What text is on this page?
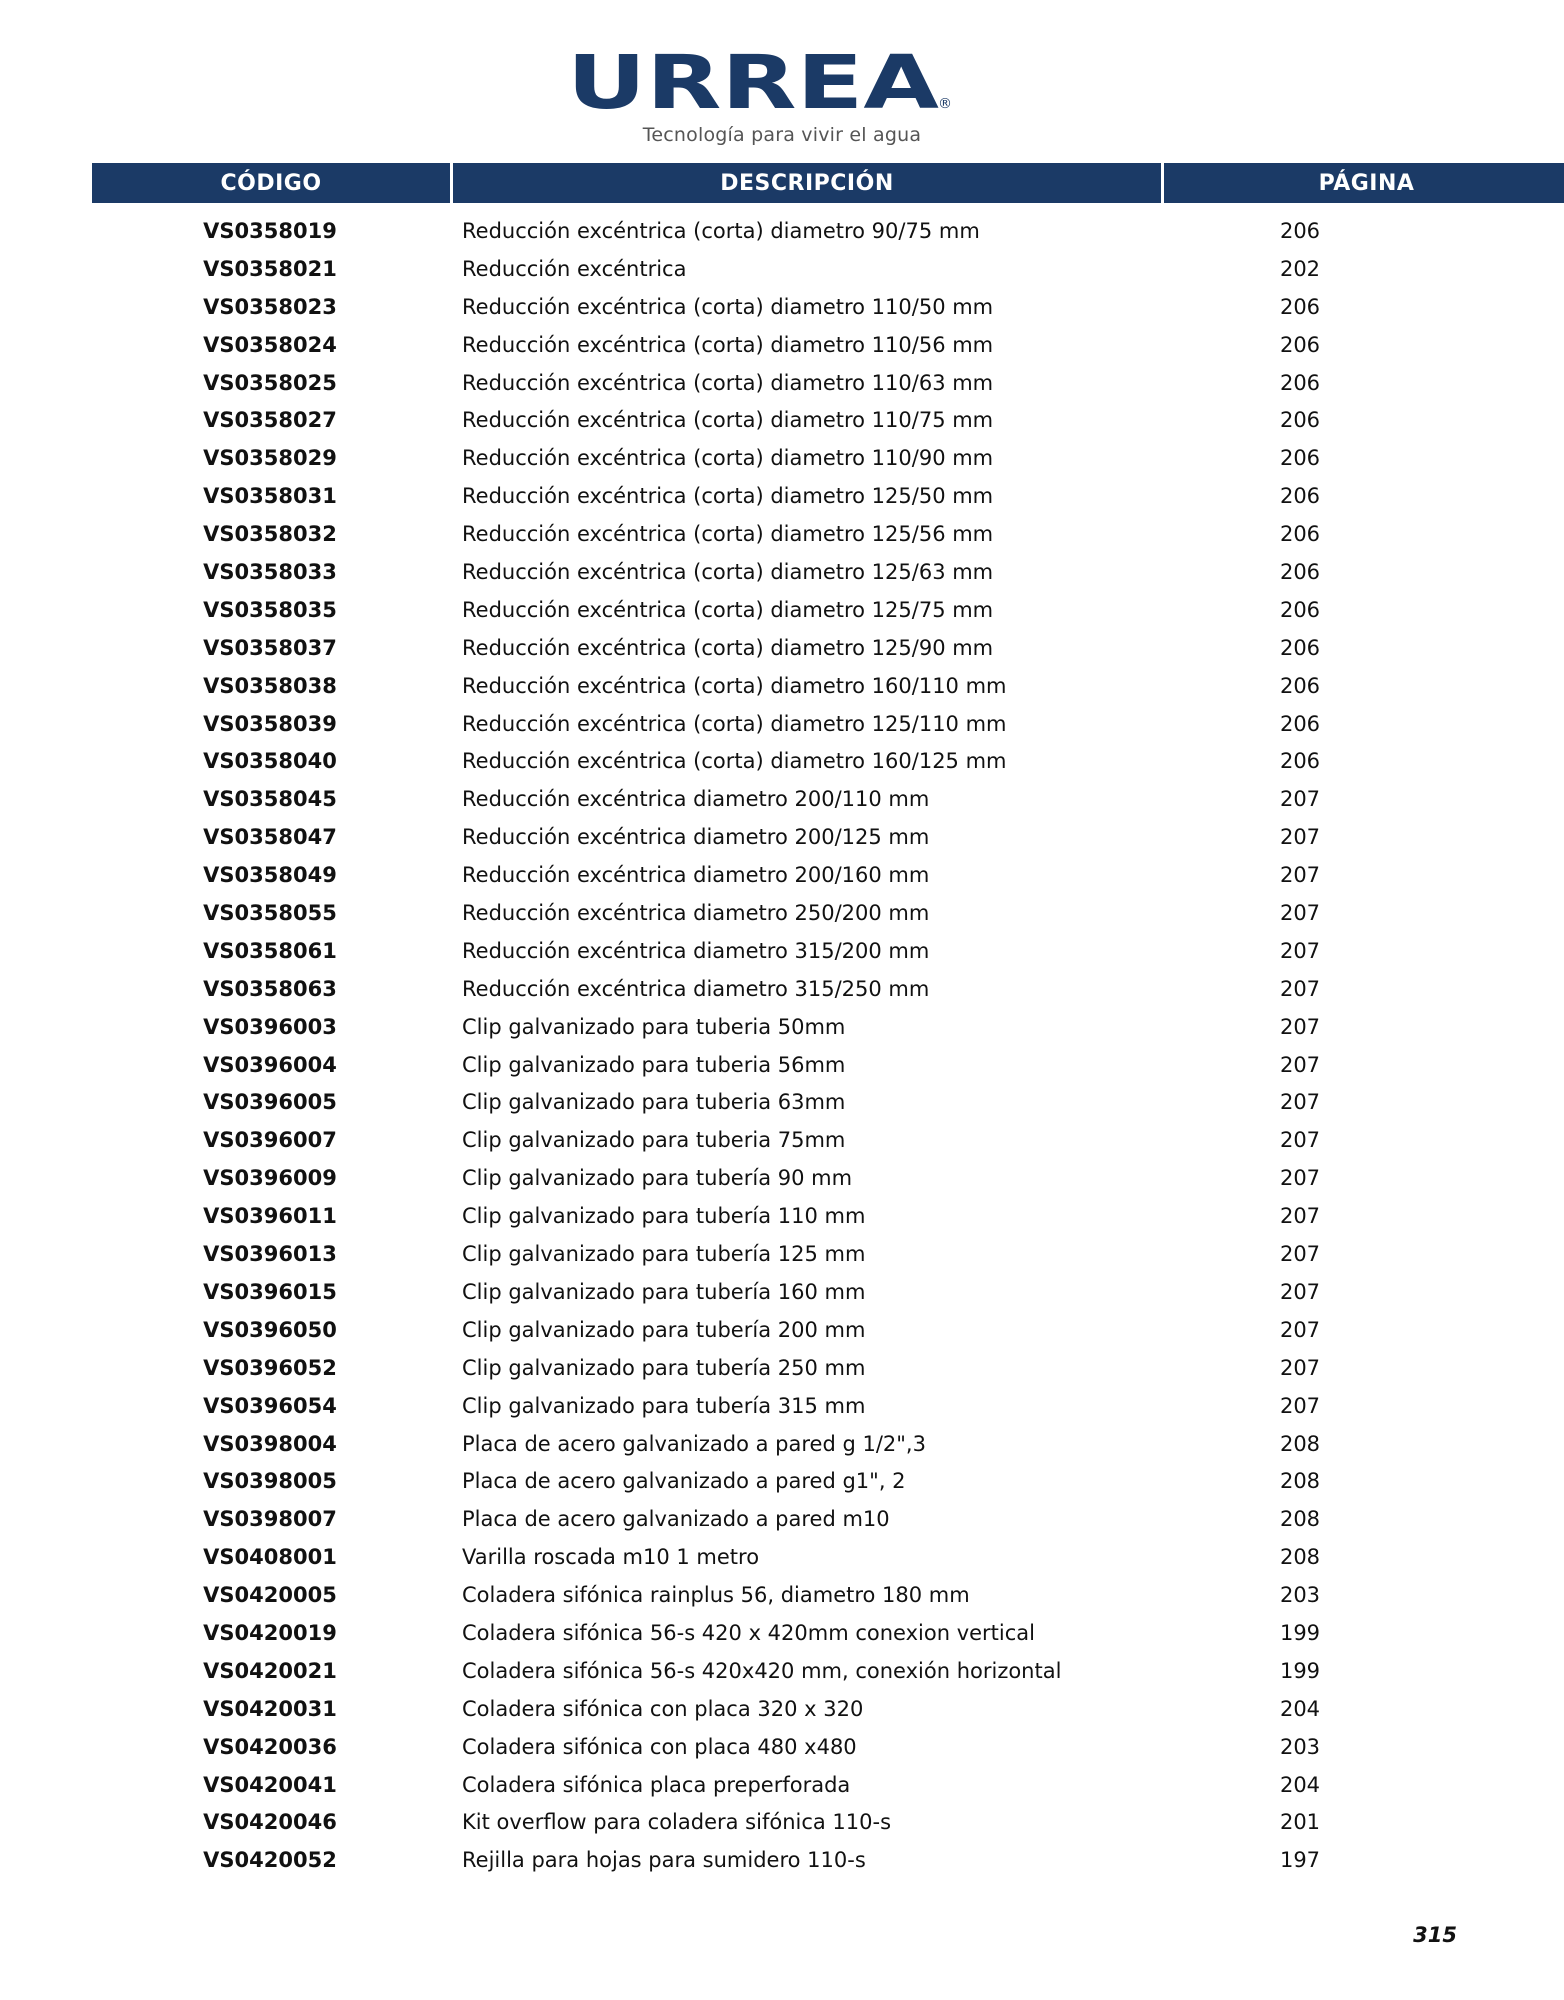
URREA
®
Tecnología para vivir el agua
CÓDIGO	DESCRIPCIÓN	PÁGINA
VS0358019	Reducción excéntrica (corta) diametro 90/75 mm	206
VS0358021	Reducción excéntrica	202
VS0358023	Reducción excéntrica (corta) diametro 110/50 mm	206
VS0358024	Reducción excéntrica (corta) diametro 110/56 mm	206
VS0358025	Reducción excéntrica (corta) diametro 110/63 mm	206
VS0358027	Reducción excéntrica (corta) diametro 110/75 mm	206
VS0358029	Reducción excéntrica (corta) diametro 110/90 mm	206
VS0358031	Reducción excéntrica (corta) diametro 125/50 mm	206
VS0358032	Reducción excéntrica (corta) diametro 125/56 mm	206
VS0358033	Reducción excéntrica (corta) diametro 125/63 mm	206
VS0358035	Reducción excéntrica (corta) diametro 125/75 mm	206
VS0358037	Reducción excéntrica (corta) diametro 125/90 mm	206
VS0358038	Reducción excéntrica (corta) diametro 160/110 mm	206
VS0358039	Reducción excéntrica (corta) diametro 125/110 mm	206
VS0358040	Reducción excéntrica (corta) diametro 160/125 mm	206
VS0358045	Reducción excéntrica diametro 200/110 mm	207
VS0358047	Reducción excéntrica diametro 200/125 mm	207
VS0358049	Reducción excéntrica diametro 200/160 mm	207
VS0358055	Reducción excéntrica diametro 250/200 mm	207
VS0358061	Reducción excéntrica diametro 315/200 mm	207
VS0358063	Reducción excéntrica diametro 315/250 mm	207
VS0396003	Clip galvanizado para tuberia 50mm	207
VS0396004	Clip galvanizado para tuberia 56mm	207
VS0396005	Clip galvanizado para tuberia 63mm	207
VS0396007	Clip galvanizado para tuberia 75mm	207
VS0396009	Clip galvanizado para tubería 90 mm	207
VS0396011	Clip galvanizado para tubería 110 mm	207
VS0396013	Clip galvanizado para tubería 125 mm	207
VS0396015	Clip galvanizado para tubería 160 mm	207
VS0396050	Clip galvanizado para tubería 200 mm	207
VS0396052	Clip galvanizado para tubería 250 mm	207
VS0396054	Clip galvanizado para tubería 315 mm	207
VS0398004	Placa de acero galvanizado a pared g 1/2",3	208
VS0398005	Placa de acero galvanizado a pared g1", 2	208
VS0398007	Placa de acero galvanizado a pared m10	208
VS0408001	Varilla roscada m10 1 metro	208
VS0420005	Coladera sifónica rainplus 56, diametro 180 mm	203
VS0420019	Coladera sifónica 56-s 420 x 420mm conexion vertical	199
VS0420021	Coladera sifónica 56-s 420x420 mm, conexión horizontal	199
VS0420031	Coladera sifónica con placa 320 x 320	204
VS0420036	Coladera sifónica con placa 480 x480	203
VS0420041	Coladera sifónica placa preperforada	204
VS0420046	Kit overflow para coladera sifónica 110-s	201
VS0420052	Rejilla para hojas para sumidero 110-s	197
315
